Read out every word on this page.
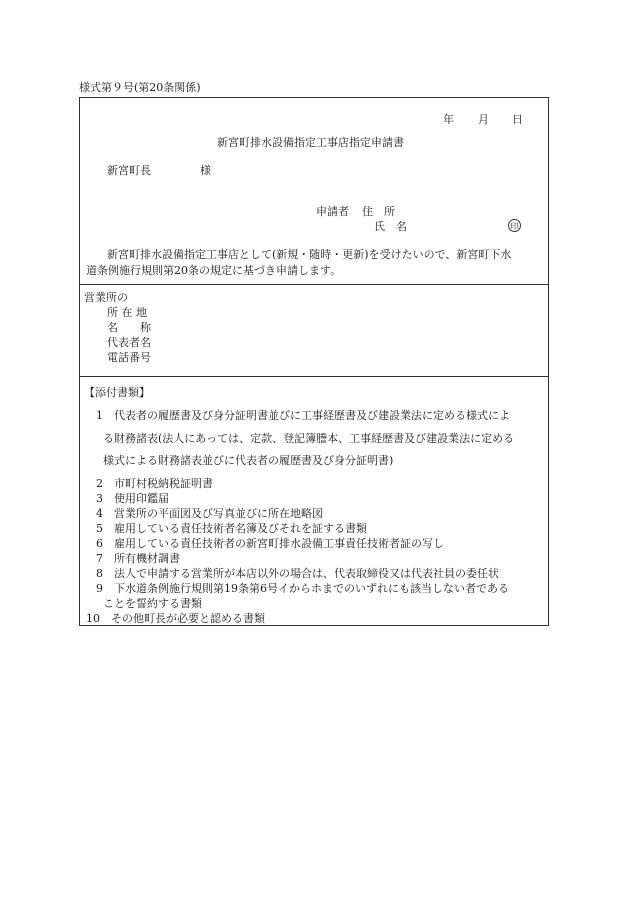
様式第９号(第20条関係)
年 月 日
新宮町排水設備指定工事店指定申請書
新宮町長	様
申請者 住　所
氏　名	印
新宮町排水設備指定工事店として(新規・随時・更新)を受けたいので、新宮町下水
道条例施行規則第20条の規定に基づき申請します。
営業所の
所 在 地
名　　称
代表者名
電話番号
【添付書類】
1　代表者の履歴書及び身分証明書並びに工事経歴書及び建設業法に定める様式によ
る財務諸表(法人にあっては、定款、登記簿謄本、工事経歴書及び建設業法に定める
様式による財務諸表並びに代表者の履歴書及び身分証明書)
2　市町村税納税証明書
3　使用印鑑届
4　営業所の平面図及び写真並びに所在地略図
5　雇用している責任技術者名簿及びそれを証する書類
6　雇用している責任技術者の新宮町排水設備工事責任技術者証の写し
7　所有機材調書
8　法人で申請する営業所が本店以外の場合は、代表取締役又は代表社員の委任状
9　下水道条例施行規則第19条第6号イからホまでのいずれにも該当しない者である
ことを誓約する書類
10　その他町長が必要と認める書類
